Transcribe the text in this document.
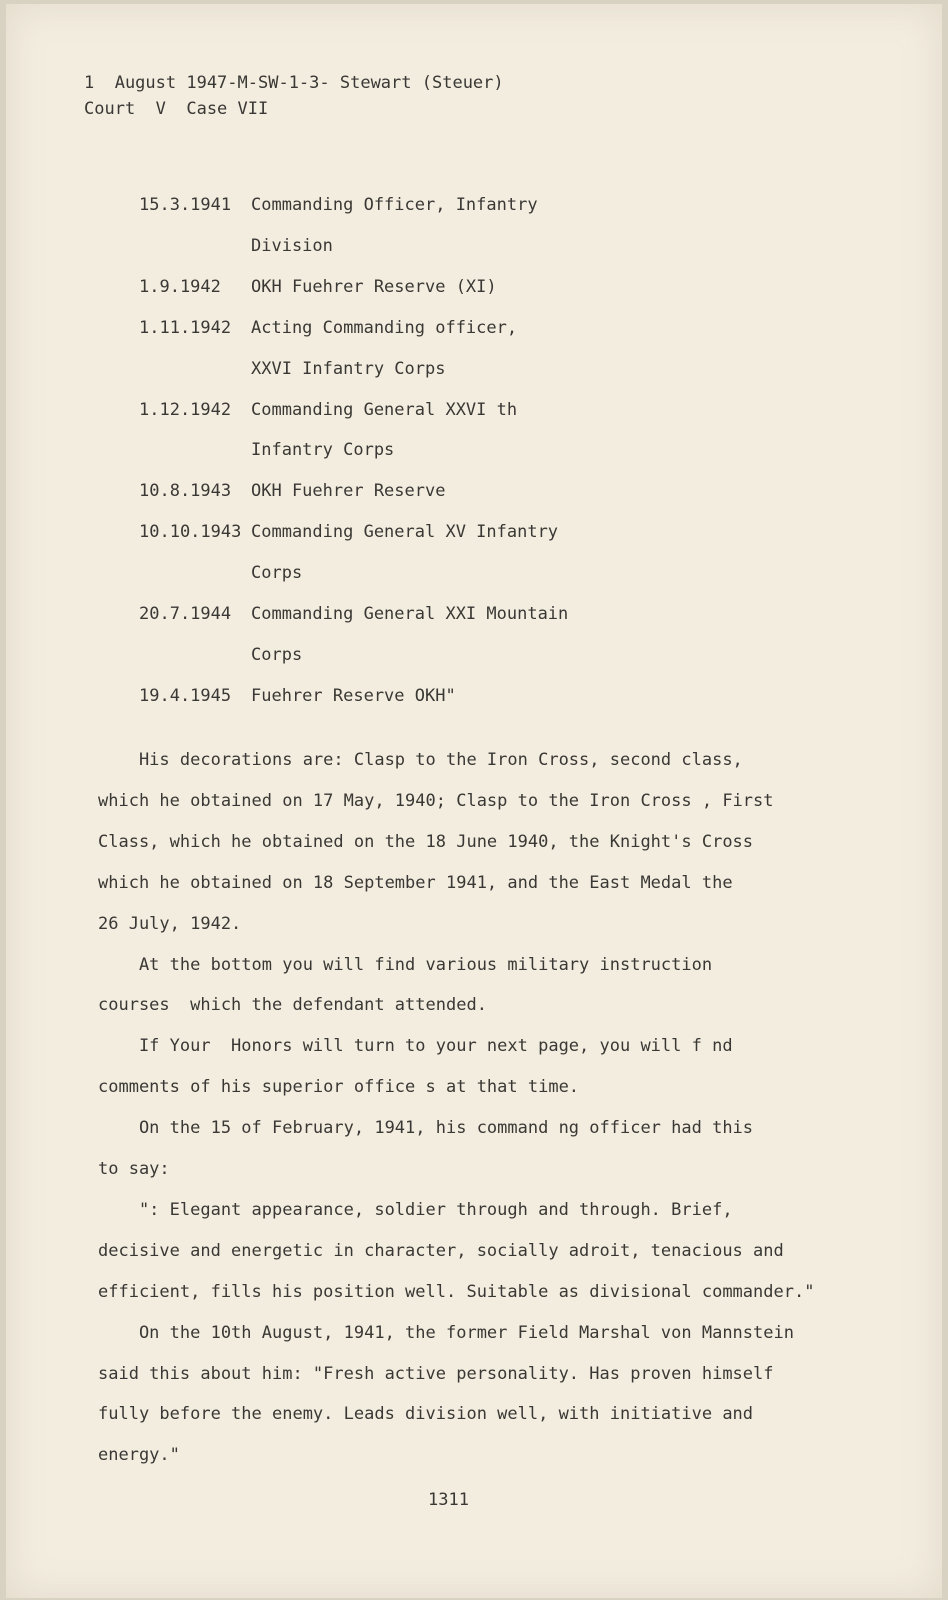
1  August 1947-M-SW-1-3- Stewart (Steuer)
Court  V  Case VII
15.3.1941 Commanding Officer, Infantry
Division
1.9.1942 OKH Fuehrer Reserve (XI)
1.11.1942 Acting Commanding officer,
XXVI Infantry Corps
1.12.1942 Commanding General XXVI th
Infantry Corps
10.8.1943 OKH Fuehrer Reserve
10.10.1943 Commanding General XV Infantry
Corps
20.7.1944 Commanding General XXI Mountain
Corps
19.4.1945 Fuehrer Reserve OKH"
His decorations are: Clasp to the Iron Cross, second class,
which he obtained on 17 May, 1940; Clasp to the Iron Cross , First
Class, which he obtained on the 18 June 1940, the Knight's Cross
which he obtained on 18 September 1941, and the East Medal the
26 July, 1942.
At the bottom you will find various military instruction
courses  which the defendant attended.
If Your  Honors will turn to your next page, you will f nd
comments of his superior office s at that time.
On the 15 of February, 1941, his command ng officer had this
to say:
": Elegant appearance, soldier through and through. Brief,
decisive and energetic in character, socially adroit, tenacious and
efficient, fills his position well. Suitable as divisional commander."
On the 10th August, 1941, the former Field Marshal von Mannstein
said this about him: "Fresh active personality. Has proven himself
fully before the enemy. Leads division well, with initiative and
energy."
1311
